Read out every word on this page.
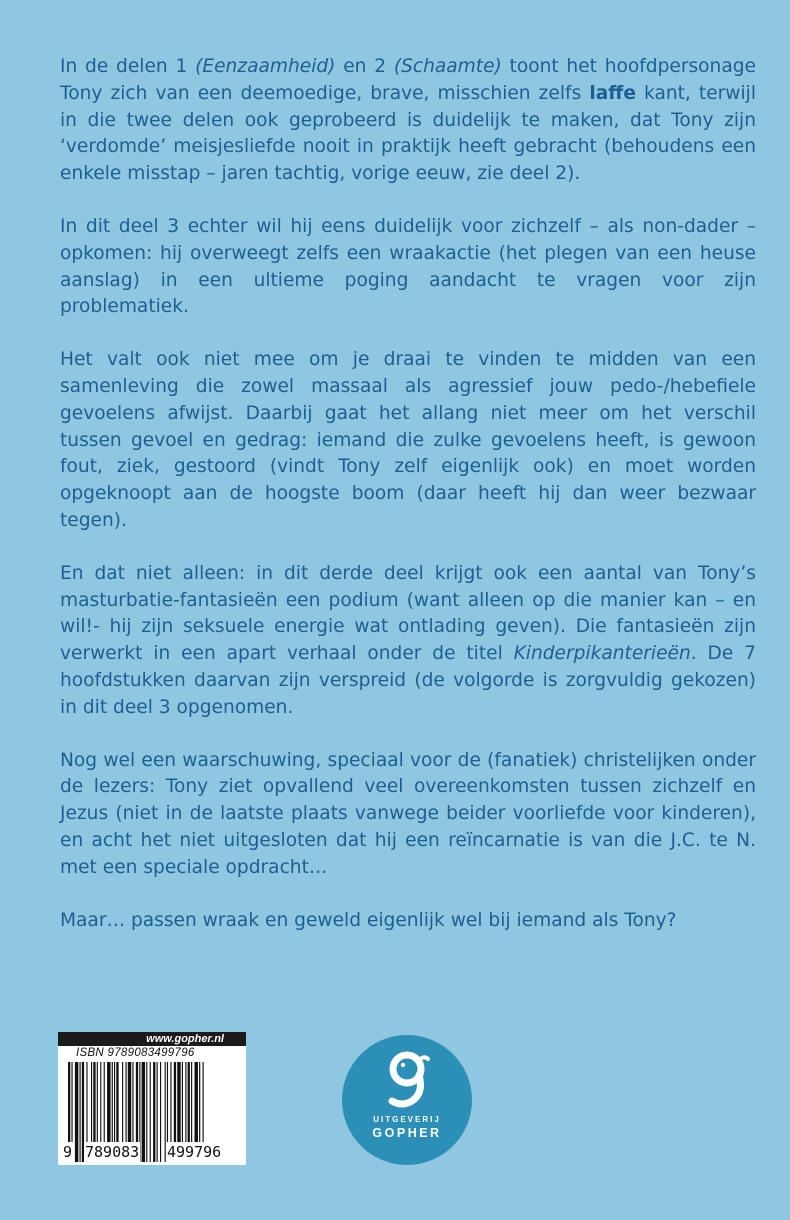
In de delen 1 (Eenzaamheid) en 2 (Schaamte) toont het hoofdpersonage Tony zich van een deemoedige, brave, misschien zelfs laffe kant, terwijl in die twee delen ook geprobeerd is duidelijk te maken, dat Tony zijn ‘verdomde’ meisjesliefde nooit in praktijk heeft gebracht (behoudens een enkele misstap – jaren tachtig, vorige eeuw, zie deel 2).

In dit deel 3 echter wil hij eens duidelijk voor zichzelf – als non-dader – opkomen: hij overweegt zelfs een wraakactie (het plegen van een heuse aanslag) in een ultieme poging aandacht te vragen voor zijn problematiek.

Het valt ook niet mee om je draai te vinden te midden van een samenleving die zowel massaal als agressief jouw pedo-/hebefiele gevoelens afwijst. Daarbij gaat het allang niet meer om het verschil tussen gevoel en gedrag: iemand die zulke gevoelens heeft, is gewoon fout, ziek, gestoord (vindt Tony zelf eigenlijk ook) en moet worden opgeknoopt aan de hoogste boom (daar heeft hij dan weer bezwaar tegen).

En dat niet alleen: in dit derde deel krijgt ook een aantal van Tony’s masturbatie-fantasieën een podium (want alleen op die manier kan – en wil!- hij zijn seksuele energie wat ontlading geven). Die fantasieën zijn verwerkt in een apart verhaal onder de titel Kinderpikanterieën. De 7 hoofdstukken daarvan zijn verspreid (de volgorde is zorgvuldig gekozen) in dit deel 3 opgenomen.

Nog wel een waarschuwing, speciaal voor de (fanatiek) christelijken onder de lezers: Tony ziet opvallend veel overeenkomsten tussen zichzelf en Jezus (niet in de laatste plaats vanwege beider voorliefde voor kinderen), en acht het niet uitgesloten dat hij een reïncarnatie is van die J.C. te N. met een speciale opdracht…

Maar… passen wraak en geweld eigenlijk wel bij iemand als Tony?

www.gopher.nl
ISBN 9789083499796
9 789083 499796
UITGEVERIJ
GOPHER
